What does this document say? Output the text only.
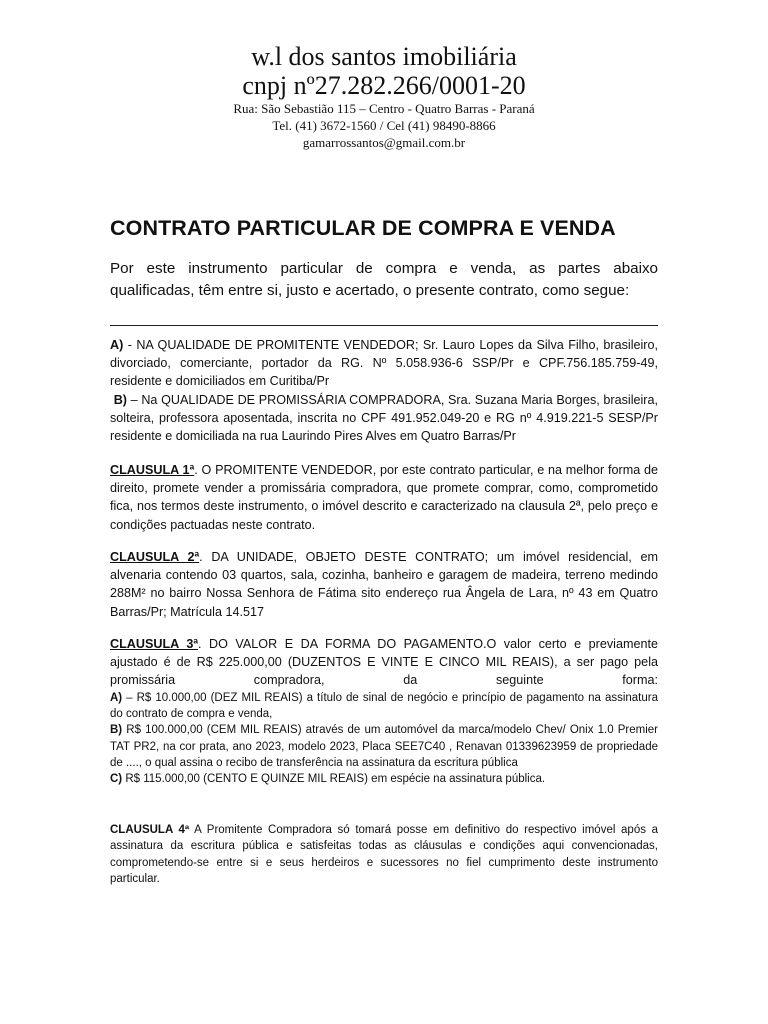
w.l dos santos imobiliária
cnpj nº27.282.266/0001-20
Rua: São Sebastião 115 – Centro - Quatro Barras - Paraná
Tel. (41) 3672-1560 / Cel (41) 98490-8866
gamarrossantos@gmail.com.br
CONTRATO PARTICULAR DE COMPRA E VENDA

Por este instrumento particular de compra e venda, as partes abaixo qualificadas, têm entre si, justo e acertado, o presente contrato, como segue:

A) - NA QUALIDADE DE PROMITENTE VENDEDOR; Sr. Lauro Lopes da Silva Filho, brasileiro, divorciado, comerciante, portador da RG. Nº 5.058.936-6 SSP/Pr e CPF.756.185.759-49, residente e domiciliados em Curitiba/Pr

B) – Na QUALIDADE DE PROMISSÁRIA COMPRADORA, Sra. Suzana Maria Borges, brasileira, solteira, professora aposentada, inscrita no CPF 491.952.049-20 e RG nº 4.919.221-5 SESP/Pr residente e domiciliada na rua Laurindo Pires Alves em Quatro Barras/Pr

CLAUSULA 1ª. O PROMITENTE VENDEDOR, por este contrato particular, e na melhor forma de direito, promete vender a promissária compradora, que promete comprar, como, comprometido fica, nos termos deste instrumento, o imóvel descrito e caracterizado na clausula 2ª, pelo preço e condições pactuadas neste contrato.

CLAUSULA 2ª. DA UNIDADE, OBJETO DESTE CONTRATO; um imóvel residencial, em alvenaria contendo 03 quartos, sala, cozinha, banheiro e garagem de madeira, terreno medindo 288M² no bairro Nossa Senhora de Fátima sito endereço rua Ângela de Lara, nº 43 em Quatro Barras/Pr; Matrícula 14.517

CLAUSULA 3ª. DO VALOR E DA FORMA DO PAGAMENTO.O valor certo e previamente ajustado é de R$ 225.000,00 (DUZENTOS E VINTE E CINCO MIL REAIS), a ser pago pela promissária compradora, da seguinte forma:

A) – R$ 10.000,00 (DEZ MIL REAIS) a título de sinal de negócio e princípio de pagamento na assinatura do contrato de compra e venda,

B) R$ 100.000,00 (CEM MIL REAIS) através de um automóvel da marca/modelo Chev/ Onix 1.0 Premier TAT PR2, na cor prata, ano 2023, modelo 2023, Placa SEE7C40 , Renavan 01339623959 de propriedade de ...., o qual assina o recibo de transferência na assinatura da escritura pública

C) R$ 115.000,00 (CENTO E QUINZE MIL REAIS) em espécie na assinatura pública.

CLAUSULA 4ª A Promitente Compradora só tomará posse em definitivo do respectivo imóvel após a assinatura da escritura pública e satisfeitas todas as cláusulas e condições aqui convencionadas, comprometendo-se entre si e seus herdeiros e sucessores no fiel cumprimento deste instrumento particular.
